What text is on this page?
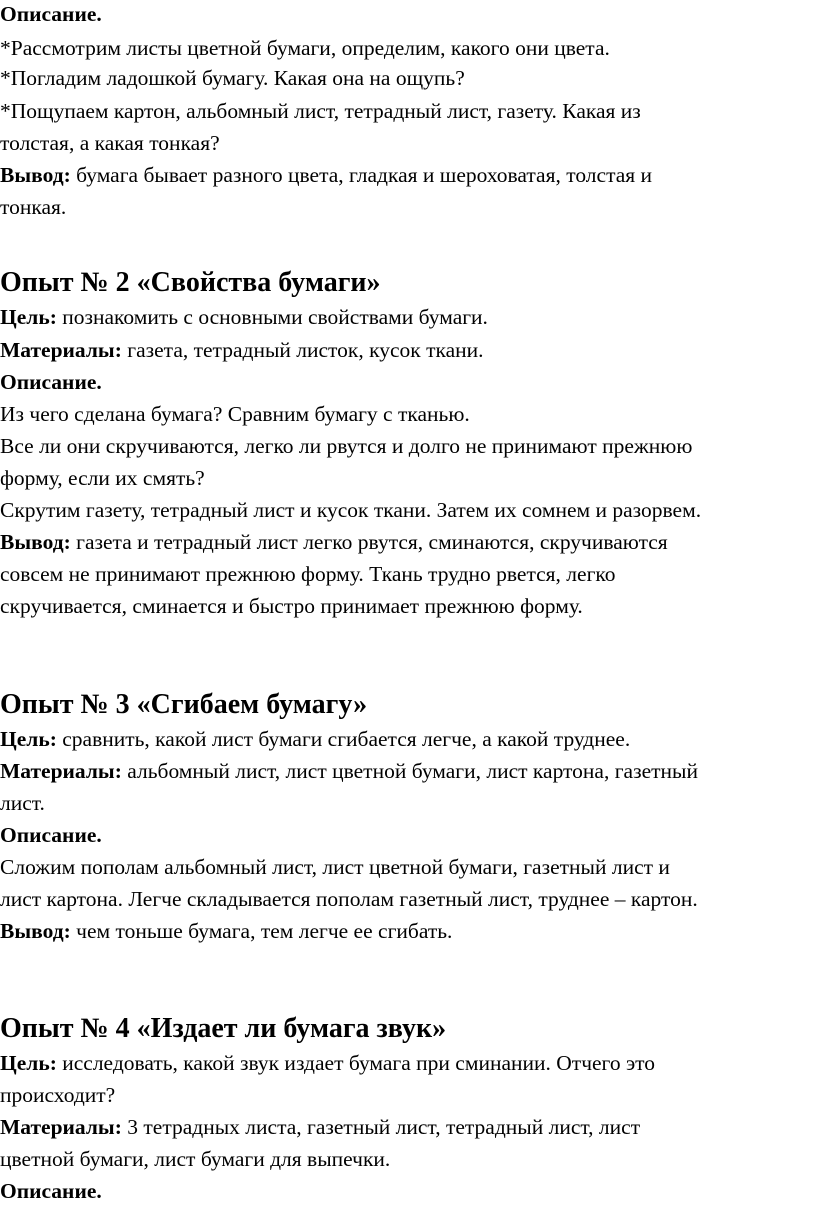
Описание.
*Рассмотрим листы цветной бумаги, определим, какого они цвета.
*Погладим ладошкой бумагу. Какая она на ощупь?
*Пощупаем картон, альбомный лист, тетрадный лист, газету. Какая из
толстая, а какая тонкая?
Вывод: бумага бывает разного цвета, гладкая и шероховатая, толстая и
тонкая.
Опыт № 2 «Свойства бумаги»
Цель: познакомить с основными свойствами бумаги.
Материалы: газета, тетрадный листок, кусок ткани.
Описание.
Из чего сделана бумага? Сравним бумагу с тканью.
Все ли они скручиваются, легко ли рвутся и долго не принимают прежнюю
форму, если их смять?
Скрутим газету, тетрадный лист и кусок ткани. Затем их сомнем и разорвем.
Вывод: газета и тетрадный лист легко рвутся, сминаются, скручиваются
совсем не принимают прежнюю форму. Ткань трудно рвется, легко
скручивается, сминается и быстро принимает прежнюю форму.
Опыт № 3 «Сгибаем бумагу»
Цель: сравнить, какой лист бумаги сгибается легче, а какой труднее.
Материалы: альбомный лист, лист цветной бумаги, лист картона, газетный
лист.
Описание.
Сложим пополам альбомный лист, лист цветной бумаги, газетный лист и
лист картона. Легче складывается пополам газетный лист, труднее – картон.
Вывод: чем тоньше бумага, тем легче ее сгибать.
Опыт № 4 «Издает ли бумага звук»
Цель: исследовать, какой звук издает бумага при сминании. Отчего это
происходит?
Материалы: 3 тетрадных листа, газетный лист, тетрадный лист, лист
цветной бумаги, лист бумаги для выпечки.
Описание.
